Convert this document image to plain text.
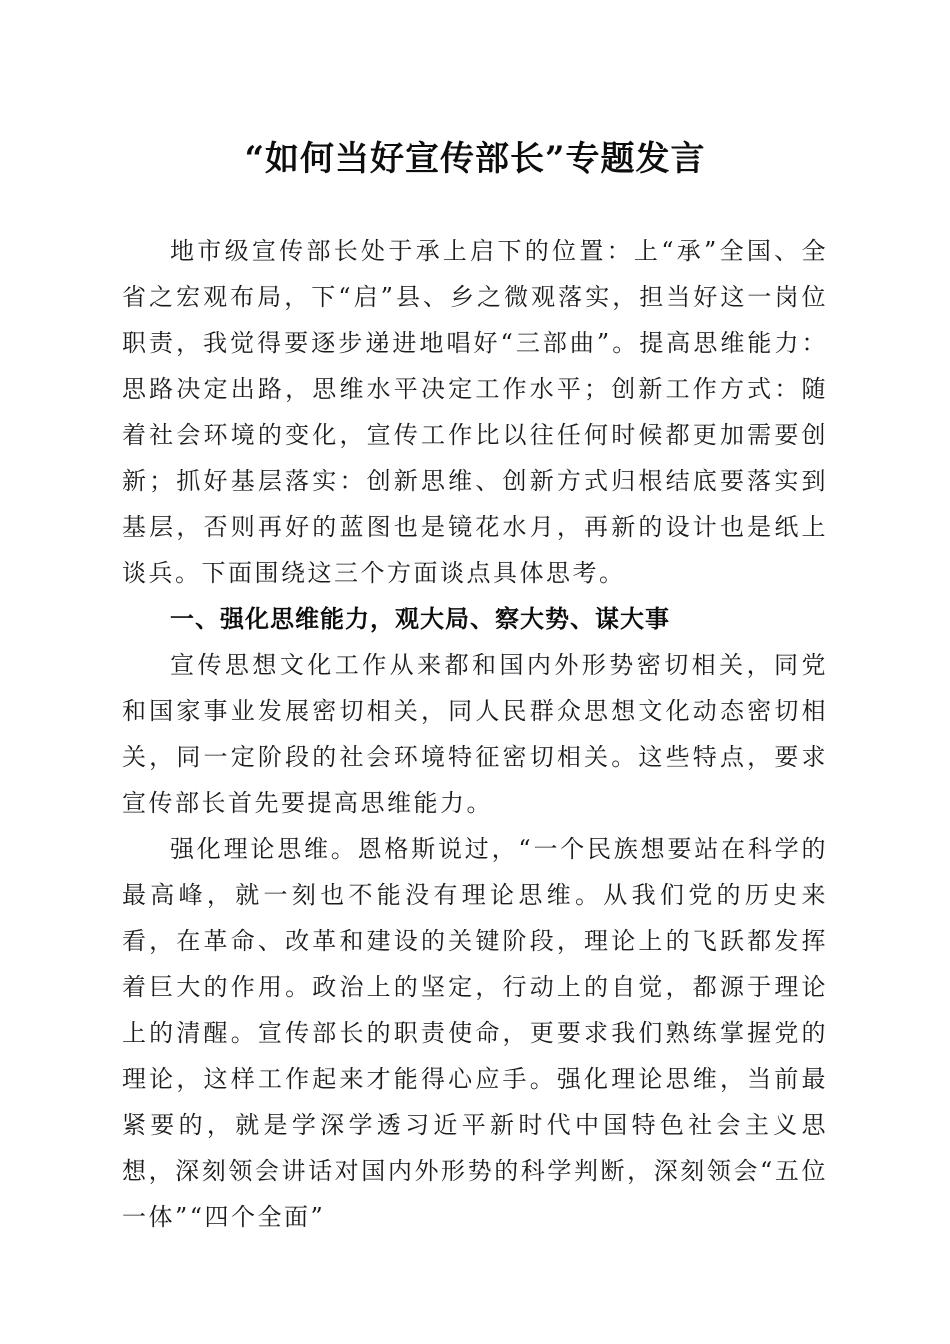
“如何当好宣传部长”专题发言

地市级宣传部长处于承上启下的位置：上“承”全国、全省之宏观布局，下“启”县、乡之微观落实，担当好这一岗位职责，我觉得要逐步递进地唱好“三部曲”。提高思维能力：思路决定出路，思维水平决定工作水平；创新工作方式：随着社会环境的变化，宣传工作比以往任何时候都更加需要创新；抓好基层落实：创新思维、创新方式归根结底要落实到基层，否则再好的蓝图也是镜花水月，再新的设计也是纸上谈兵。下面围绕这三个方面谈点具体思考。

一、强化思维能力，观大局、察大势、谋大事

宣传思想文化工作从来都和国内外形势密切相关，同党和国家事业发展密切相关，同人民群众思想文化动态密切相关，同一定阶段的社会环境特征密切相关。这些特点，要求宣传部长首先要提高思维能力。

强化理论思维。恩格斯说过，“一个民族想要站在科学的最高峰，就一刻也不能没有理论思维。从我们党的历史来看，在革命、改革和建设的关键阶段，理论上的飞跃都发挥着巨大的作用。政治上的坚定，行动上的自觉，都源于理论上的清醒。宣传部长的职责使命，更要求我们熟练掌握党的理论，这样工作起来才能得心应手。强化理论思维，当前最紧要的，就是学深学透习近平新时代中国特色社会主义思想，深刻领会讲话对国内外形势的科学判断，深刻领会“五位一体”“四个全面”
